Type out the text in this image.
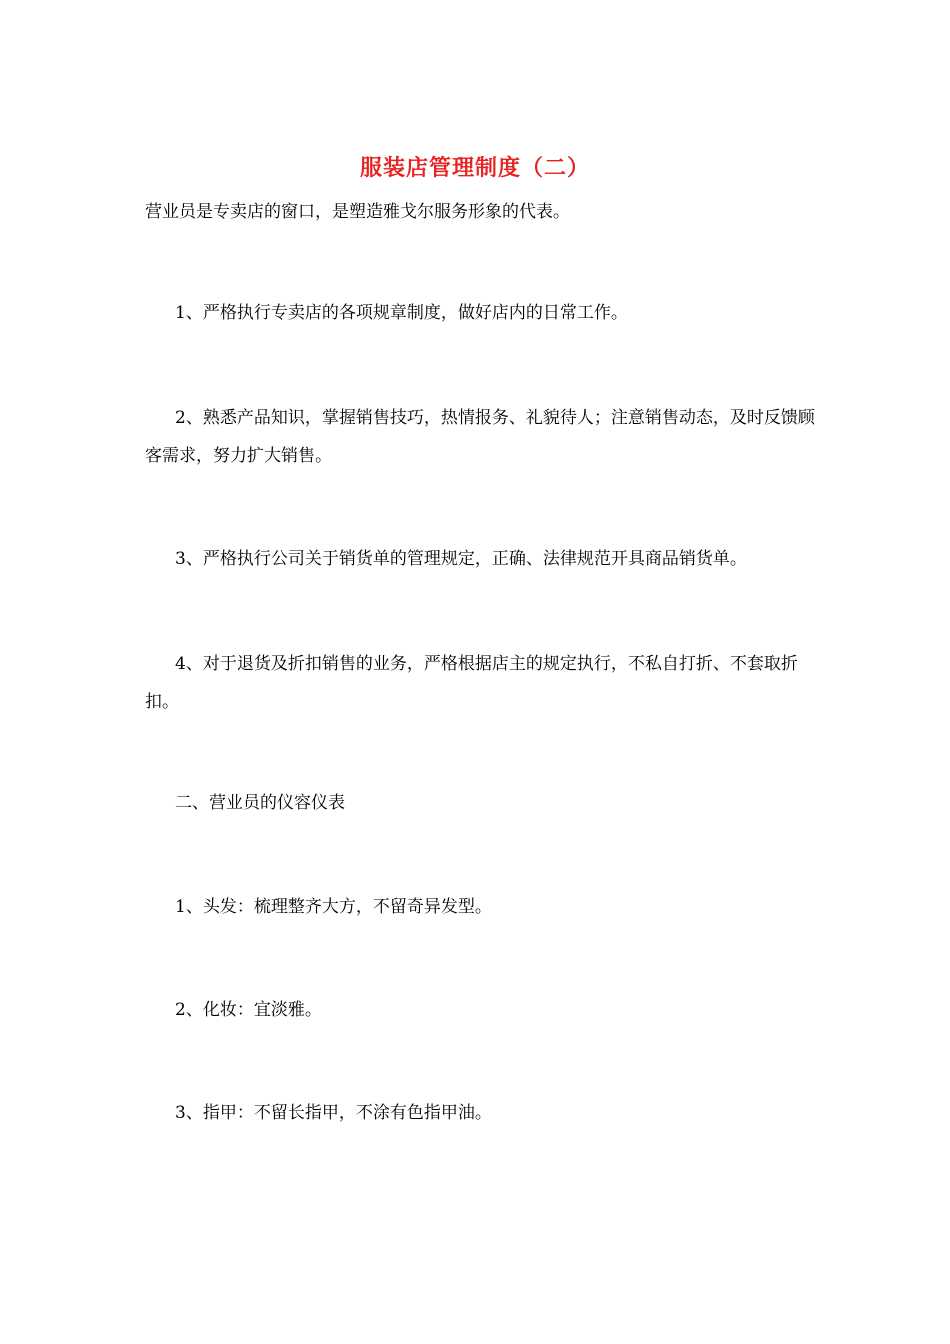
服装店管理制度（二）

营业员是专卖店的窗口，是塑造雅戈尔服务形象的代表。

1、严格执行专卖店的各项规章制度，做好店内的日常工作。

2、熟悉产品知识，掌握销售技巧，热情报务、礼貌待人；注意销售动态，及时反馈顾客需求，努力扩大销售。

3、严格执行公司关于销货单的管理规定，正确、法律规范开具商品销货单。

4、对于退货及折扣销售的业务，严格根据店主的规定执行，不私自打折、不套取折扣。

二、营业员的仪容仪表

1、头发：梳理整齐大方，不留奇异发型。

2、化妆：宜淡雅。

3、指甲：不留长指甲，不涂有色指甲油。
